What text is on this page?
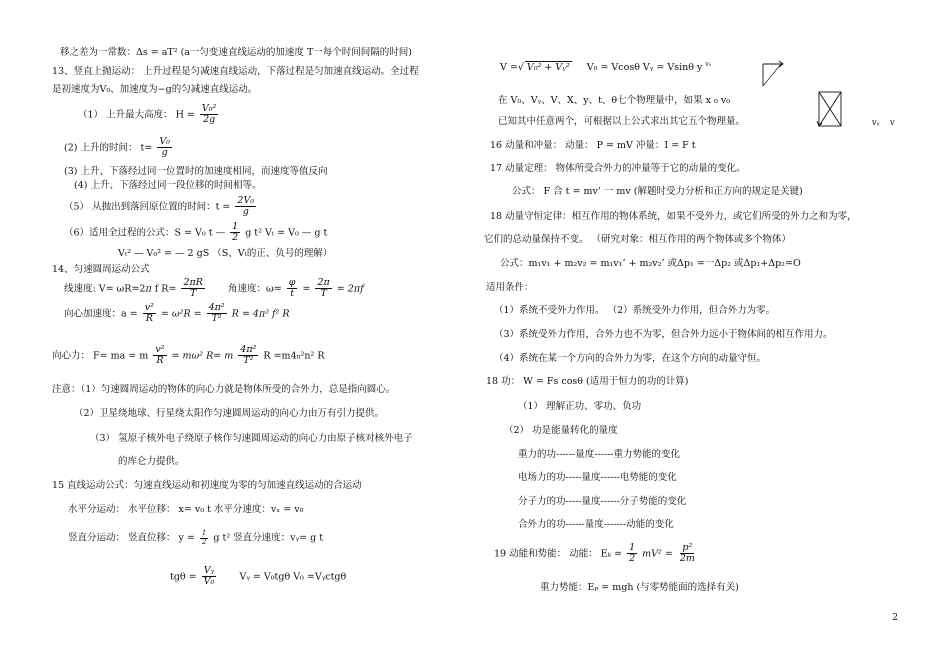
移之差为一常数：Δs = aT² (a一匀变速直线运动的加速度 T一每个时间间隔的时间)
13、竖直上抛运动： 上升过程是匀减速直线运动，下落过程是匀加速直线运动。全过程
是初速度为V₀、加速度为−g的匀减速直线运动。
（1） 上升最大高度： $H = \frac{\text{V₀²}}{2g}$
(2) 上升的时间： $t= \frac{\text{V₀}}{g}$
(3) 上升、下落经过同一位置时的加速度相同，而速度等值反向
(4) 上升、下落经过同一段位移的时间相等。
（5） 从抛出到落回原位置的时间：$t = \frac{\text{2V₀}}{g}$
（6）适用全过程的公式：S = V₀ t — $\frac{1}{2}$ g t² Vₜ = V₀ — g t
Vₜ² — V₀² = — 2 gS （S、Vₜ的正、负号的理解）
14、匀速圆周运动公式
线速度: V= ωR=2π f $R= \frac{2\pi R}{T}$ 角速度：$\omega= \frac{\varphi}{t} = \frac{2\pi}{T} = 2\pi f$
向心加速度：$a = \frac{\text{v²}}{R} = \omega^2R = \frac{\text{4π²}}{\text{T²}}$ R = 4π² f² R
向心力： F= ma = m $\frac{\text{v²}}{R} = m\omega^2$ R= m $\frac{\text{4π²}}{\text{T²}}$ R =m4π²n² R
注意：（1）匀速圆周运动的物体的向心力就是物体所受的合外力，总是指向圆心。
（2）卫星绕地球、行星绕太阳作匀速圆周运动的向心力由万有引力提供。
（3） 氢原子核外电子绕原子核作匀速圆周运动的向心力由原子核对核外电子
的库仑力提供。
15 直线运动公式：匀速直线运动和初速度为零的匀加速直线运动的合运动
水平分运动： 水平位移： x= v₀ t 水平分速度：vₓ = v₀
竖直分运动： 竖直位移： $y = \frac{1}{2}$ g t² 竖直分速度：vᵧ= g t
$tg\theta = \frac{\text{Vᵧ}}{\text{V₀}}$ Vᵧ = V₀tgθ V₀ =Vᵧctgθ
V =√ V₀² + Vᵧ² V₀ = Vcosθ Vᵧ = Vsinθ y $^{v_0}$
在 V₀、Vᵧ、V、X、y、t、θ七个物理量中，如果 x ₀ v₀
已知其中任意两个，可根据以上公式求出其它五个物理量。	vᵧ v
16 动量和冲量： 动量： P = mV 冲量：I = F t
17 动量定理： 物体所受合外力的冲量等于它的动量的变化。
公式： F 合 t = mv’ 一 mv (解题时受力分析和正方向的规定是关键)
18 动量守恒定律：相互作用的物体系统，如果不受外力，或它们所受的外力之和为零，
它们的总动量保持不变。 （研究对象：相互作用的两个物体或多个物体）
公式：m₁v₁ + m₂v₂ = m₁v₁’ + m₂v₂’ 或Δp₁ =一Δp₂ 或Δp₁+Δp₂=O
适用条件：
（1）系统不受外力作用。 （2）系统受外力作用，但合外力为零。
（3）系统受外力作用，合外力也不为零，但合外力远小于物体间的相互作用力。
（4）系统在某一个方向的合外力为零，在这个方向的动量守恒。
18 功： W = Fs cosθ (适用于恒力的功的计算)
（1） 理解正功、零功、负功
（2） 功是能量转化的量度
重力的功------量度------重力势能的变化
电场力的功-----量度------电势能的变化
分子力的功-----量度------分子势能的变化
合外力的功------量度-------动能的变化
19 动能和势能： 动能： $E_k = \frac{1}{2} mV^2 = \frac{\text{p²}}{2m}$
重力势能：Eₚ = mgh (与零势能面的选择有关)
2
